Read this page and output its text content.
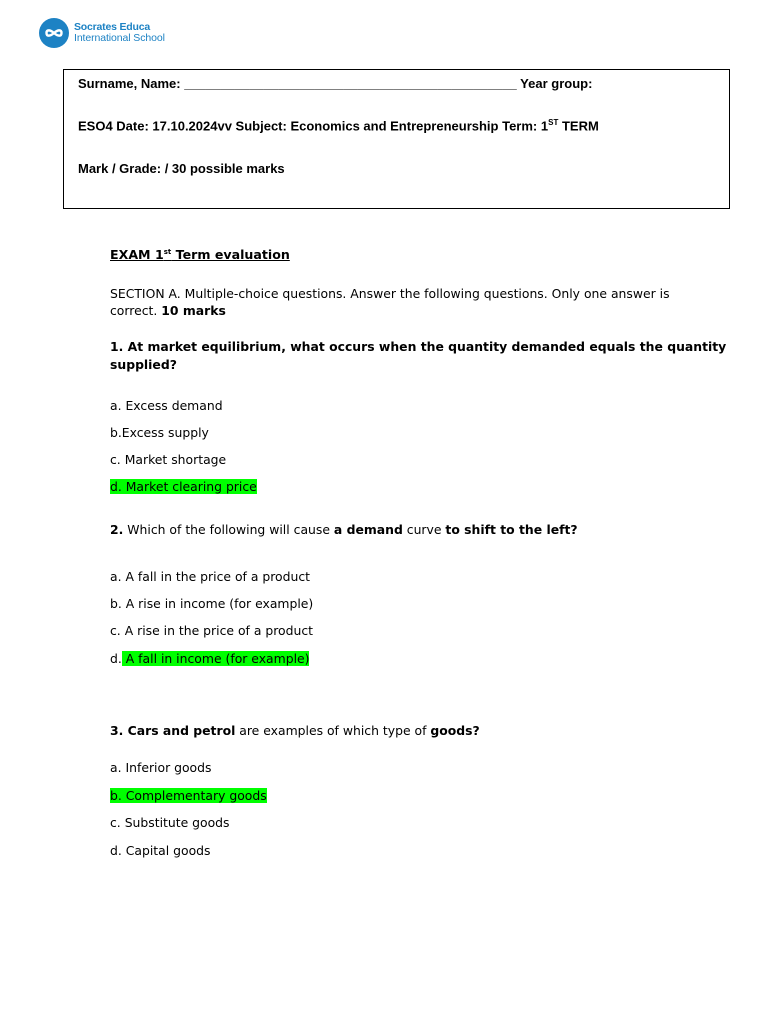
Socrates Educa
International School
Surname, Name: ______________________________________________ Year group:
ESO4 Date: 17.10.2024vv Subject: Economics and Entrepreneurship Term: 1ST TERM
Mark / Grade: / 30 possible marks
EXAM 1st Term evaluation
SECTION A. Multiple-choice questions. Answer the following questions. Only one answer is
correct. 10 marks
1. At market equilibrium, what occurs when the quantity demanded equals the quantity
supplied?
a. Excess demand
b.Excess supply
c. Market shortage
d. Market clearing price
2. Which of the following will cause a demand curve to shift to the left?
a. A fall in the price of a product
b. A rise in income (for example)
c. A rise in the price of a product
d. A fall in income (for example)
3. Cars and petrol are examples of which type of goods?
a. Inferior goods
b. Complementary goods
c. Substitute goods
d. Capital goods
